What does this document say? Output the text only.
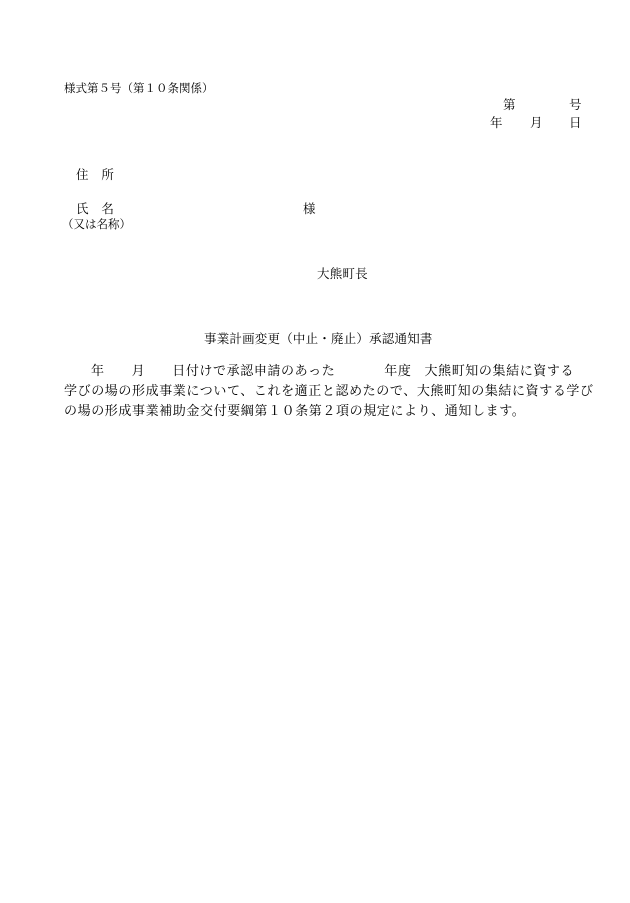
様式第５号（第１０条関係）
第	号
年 月 日
住　所
氏　名	様
（又は名称）
大熊町長
事業計画変更（中止・廃止）承認通知書
年 月 日付けで承認申請のあった	年度 大熊町知の集結に資する
学びの場の形成事業について、これを適正と認めたので、大熊町知の集結に資する学び
の場の形成事業補助金交付要綱第１０条第２項の規定により、通知します。
